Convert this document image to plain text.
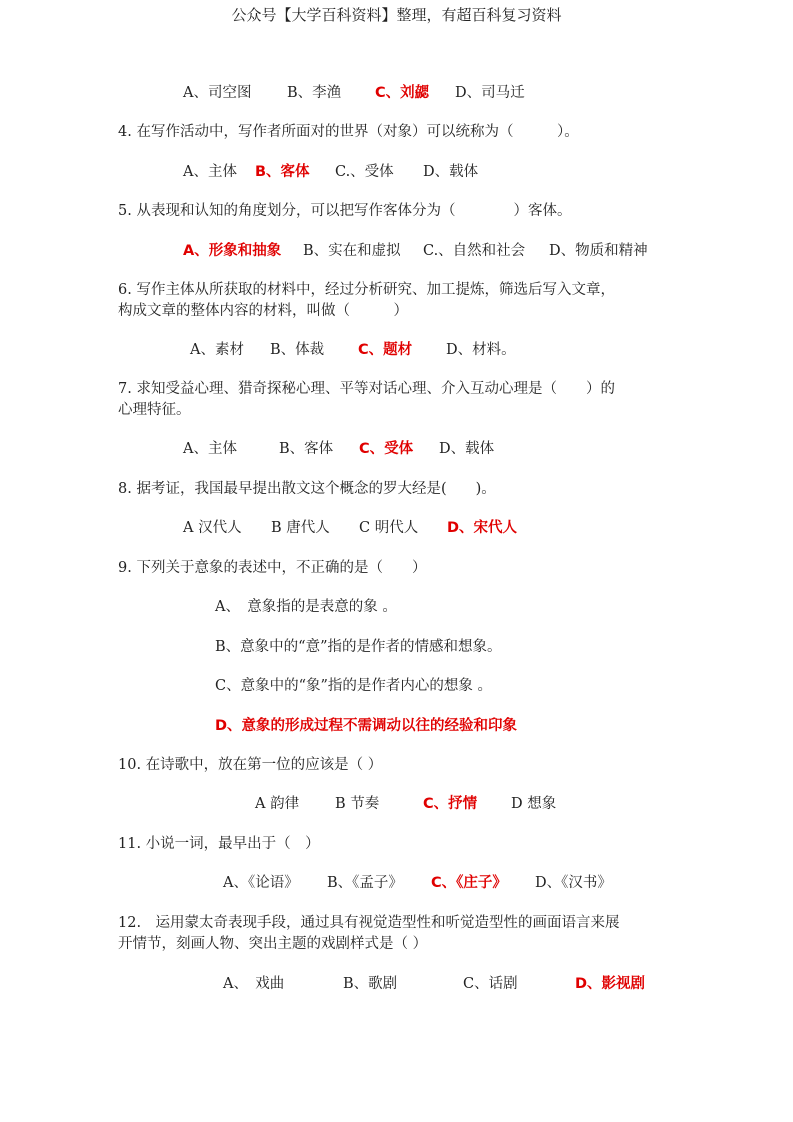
公众号【大学百科资料】整理，有超百科复习资料
A、司空图 B、李渔 C、刘勰 D、司马迁
4. 在写作活动中，写作者所面对的世界（对象）可以统称为（　　　）。
A、主体 B、客体 C.、受体 D、载体
5. 从表现和认知的角度划分，可以把写作客体分为（　　　　）客体。
A、形象和抽象 B、实在和虚拟 C.、自然和社会 D、物质和精神
6. 写作主体从所获取的材料中，经过分析研究、加工提炼，筛选后写入文章，
构成文章的整体内容的材料，叫做（　　　）
A、素材 B、体裁 C、题材 D、材料。
7. 求知受益心理、猎奇探秘心理、平等对话心理、介入互动心理是（　　）的
心理特征。
A、主体	B、客体 C、受体 D、载体
8. 据考证，我国最早提出散文这个概念的罗大经是(　　)。
A 汉代人 B 唐代人 C 明代人 D、宋代人
9. 下列关于意象的表述中，不正确的是（　　）
A、　意象指的是表意的象 。
B、意象中的“意”指的是作者的情感和想象。
C、意象中的“象”指的是作者内心的想象 。
D、意象的形成过程不需调动以往的经验和印象
10. 在诗歌中，放在第一位的应该是（ ）
A 韵律 B 节奏	C、抒情 D 想象
11. 小说一词，最早出于（　）
A、《论语》 B、《孟子》 C、《庄子》 D、《汉书》
12.　运用蒙太奇表现手段，通过具有视觉造型性和听觉造型性的画面语言来展
开情节，刻画人物、突出主题的戏剧样式是（ ）
A、　戏曲	B、歌剧	C、话剧	D、影视剧
